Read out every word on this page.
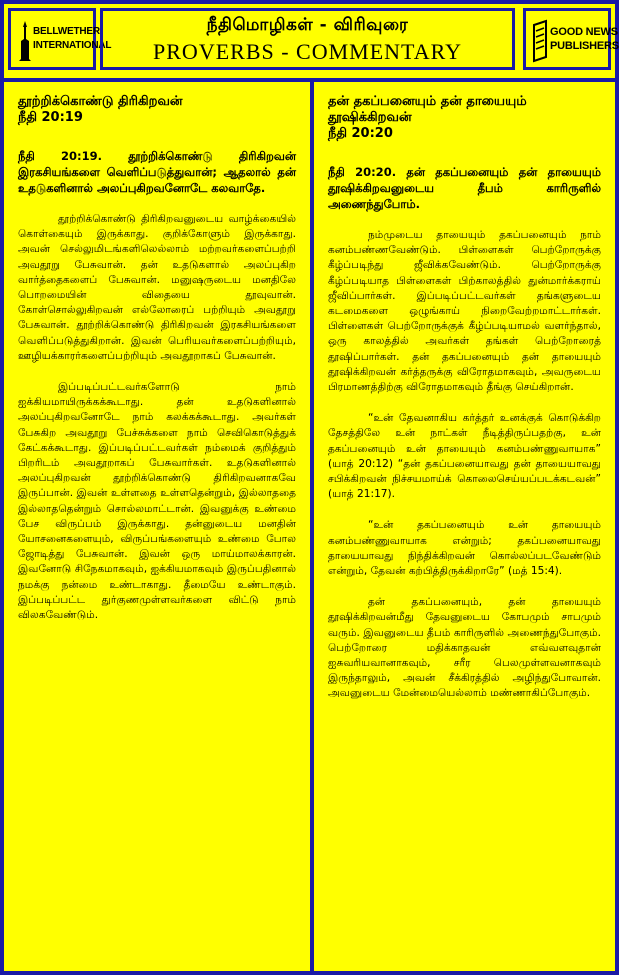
BELLWETHER
INTERNATIONAL
நீதிமொழிகள் - விரிவுரை
PROVERBS - COMMENTARY
GOOD NEWS
PUBLISHERS
தூற்றிக்கொண்டு திரிகிறவன்
நீதி 20:19
நீதி 20:19. தூற்றிக்கொண்டு திரிகிறவன் இரகசியங்களை வெளிப்படுத்துவான்; ஆதலால் தன் உதடுகளினால் அலப்புகிறவனோடே கலவாதே.
தூற்றிக்கொண்டு திரிகிறவனுடைய வாழ்க்கையில் கொள்கையும் இருக்காது. குறிக்கோளும் இருக்காது. அவன் செல்லுமிடங்களிலெல்லாம் மற்றவர்களைப்பற்றி அவதூறு பேசுவான். தன் உதடுகளால் அலப்புகிற வார்த்தைகளைப் பேசுவான். மனுஷருடைய மனதிலே பொறமையின் விதையை தூவுவான். கோள்சொல்லுகிறவன் எல்லோரைப் பற்றியும் அவதூறு பேசுவான். தூற்றிக்கொண்டு திரிகிறவன் இரகசியங்களை வெளிப்படுத்துகிறான். இவன் பெரியவர்களைப்பற்றியும், ஊழியக்காரர்களைப்பற்றியும் அவதூறாகப் பேசுவான்.
இப்படிப்பட்டவர்களோடு நாம் ஐக்கியமாயிருக்கக்கூடாது. தன் உதடுகளினால் அலப்புகிறவனோடே நாம் கலக்கக்கூடாது. அவர்கள் பேசுகிற அவதூறு பேச்சுக்களை நாம் செவிகொடுத்துக் கேட்கக்கூடாது. இப்படிப்பட்டவர்கள் நம்மைக் குறித்தும் பிறரிடம் அவதூறாகப் பேசுவார்கள். உதடுகளினால் அலப்புகிறவன் தூற்றிக்கொண்டு திரிகிறவனாகவே இருப்பான். இவன் உள்ளதை உள்ளதென்றும், இல்லாததை இல்லாததென்றும் சொல்லமாட்டான். இவனுக்கு உண்மை பேச விருப்பம் இருக்காது. தன்னுடைய மனதின் யோசனைகளையும், விருப்பங்களையும் உண்மை போல ஜோடித்து பேசுவான். இவன் ஒரு மாய்மாலக்காரன். இவனோடு சிநேகமாகவும், ஐக்கியமாகவும் இருப்பதினால் நமக்கு நன்மை உண்டாகாது. தீமையே உண்டாகும். இப்படிப்பட்ட துர்குணமுள்ளவர்களை விட்டு நாம் விலகவேண்டும்.
தன் தகப்பனையும் தன் தாயையும் தூஷிக்கிறவன்
நீதி 20:20
நீதி 20:20. தன் தகப்பனையும் தன் தாயையும் தூஷிக்கிறவனுடைய தீபம் காரிருளில் அணைந்துபோம்.
நம்முடைய தாயையும் தகப்பனையும் நாம் கனம்பண்ணவேண்டும். பிள்ளைகள் பெற்றோருக்கு கீழ்ப்படிந்து ஜீவிக்கவேண்டும். பெற்றோருக்கு கீழ்ப்படியாத பிள்ளைகள் பிற்காலத்தில் துன்மார்க்கராய் ஜீவிப்பார்கள். இப்படிப்பட்டவர்கள் தங்களுடைய கடமைகளை ஒழுங்காய் நிறைவேற்றமாட்டார்கள். பிள்ளைகள் பெற்றோருக்குக் கீழ்ப்படியாமல் வளர்ந்தால், ஒரு காலத்தில் அவர்கள் தங்கள் பெற்றோரைத் தூஷிப்பார்கள். தன் தகப்பனையும் தன் தாயையும் தூஷிக்கிறவன் கர்த்தருக்கு விரோதமாகவும், அவருடைய பிரமாணத்திற்கு விரோதமாகவும் தீங்கு செய்கிறான்.
“உன் தேவனாகிய கர்த்தர் உனக்குக் கொடுக்கிற தேசத்திலே உன் நாட்கள் நீடித்திருப்பதற்கு, உன் தகப்பனையும் உன் தாயையும் கனம்பண்ணுவாயாக” (யாத் 20:12) “தன் தகப்பனையாவது தன் தாயையாவது சபிக்கிறவன் நிச்சயமாய்க் கொலைசெய்யப்படக்கடவன்” (யாத் 21:17).
“உன் தகப்பனையும் உன் தாயையும் கனம்பண்ணுவாயாக என்றும்; தகப்பனையாவது தாயையாவது நிந்திக்கிறவன் கொல்லப்படவேண்டும் என்றும், தேவன் கற்பித்திருக்கிறாரே” (மத் 15:4).
தன் தகப்பனையும், தன் தாயையும் தூஷிக்கிறவன்மீது தேவனுடைய கோபமும் சாபமும் வரும். இவனுடைய தீபம் காரிருளில் அணைந்துபோகும். பெற்றோரை மதிக்காதவன் எவ்வளவுதான் ஐசுவரியவானாகவும், சரீர பெலமுள்ளவனாகவும் இருந்தாலும், அவன் சீக்கிரத்தில் அழிந்துபோவான். அவனுடைய மேன்மையெல்லாம் மண்ணாகிப்போகும்.
